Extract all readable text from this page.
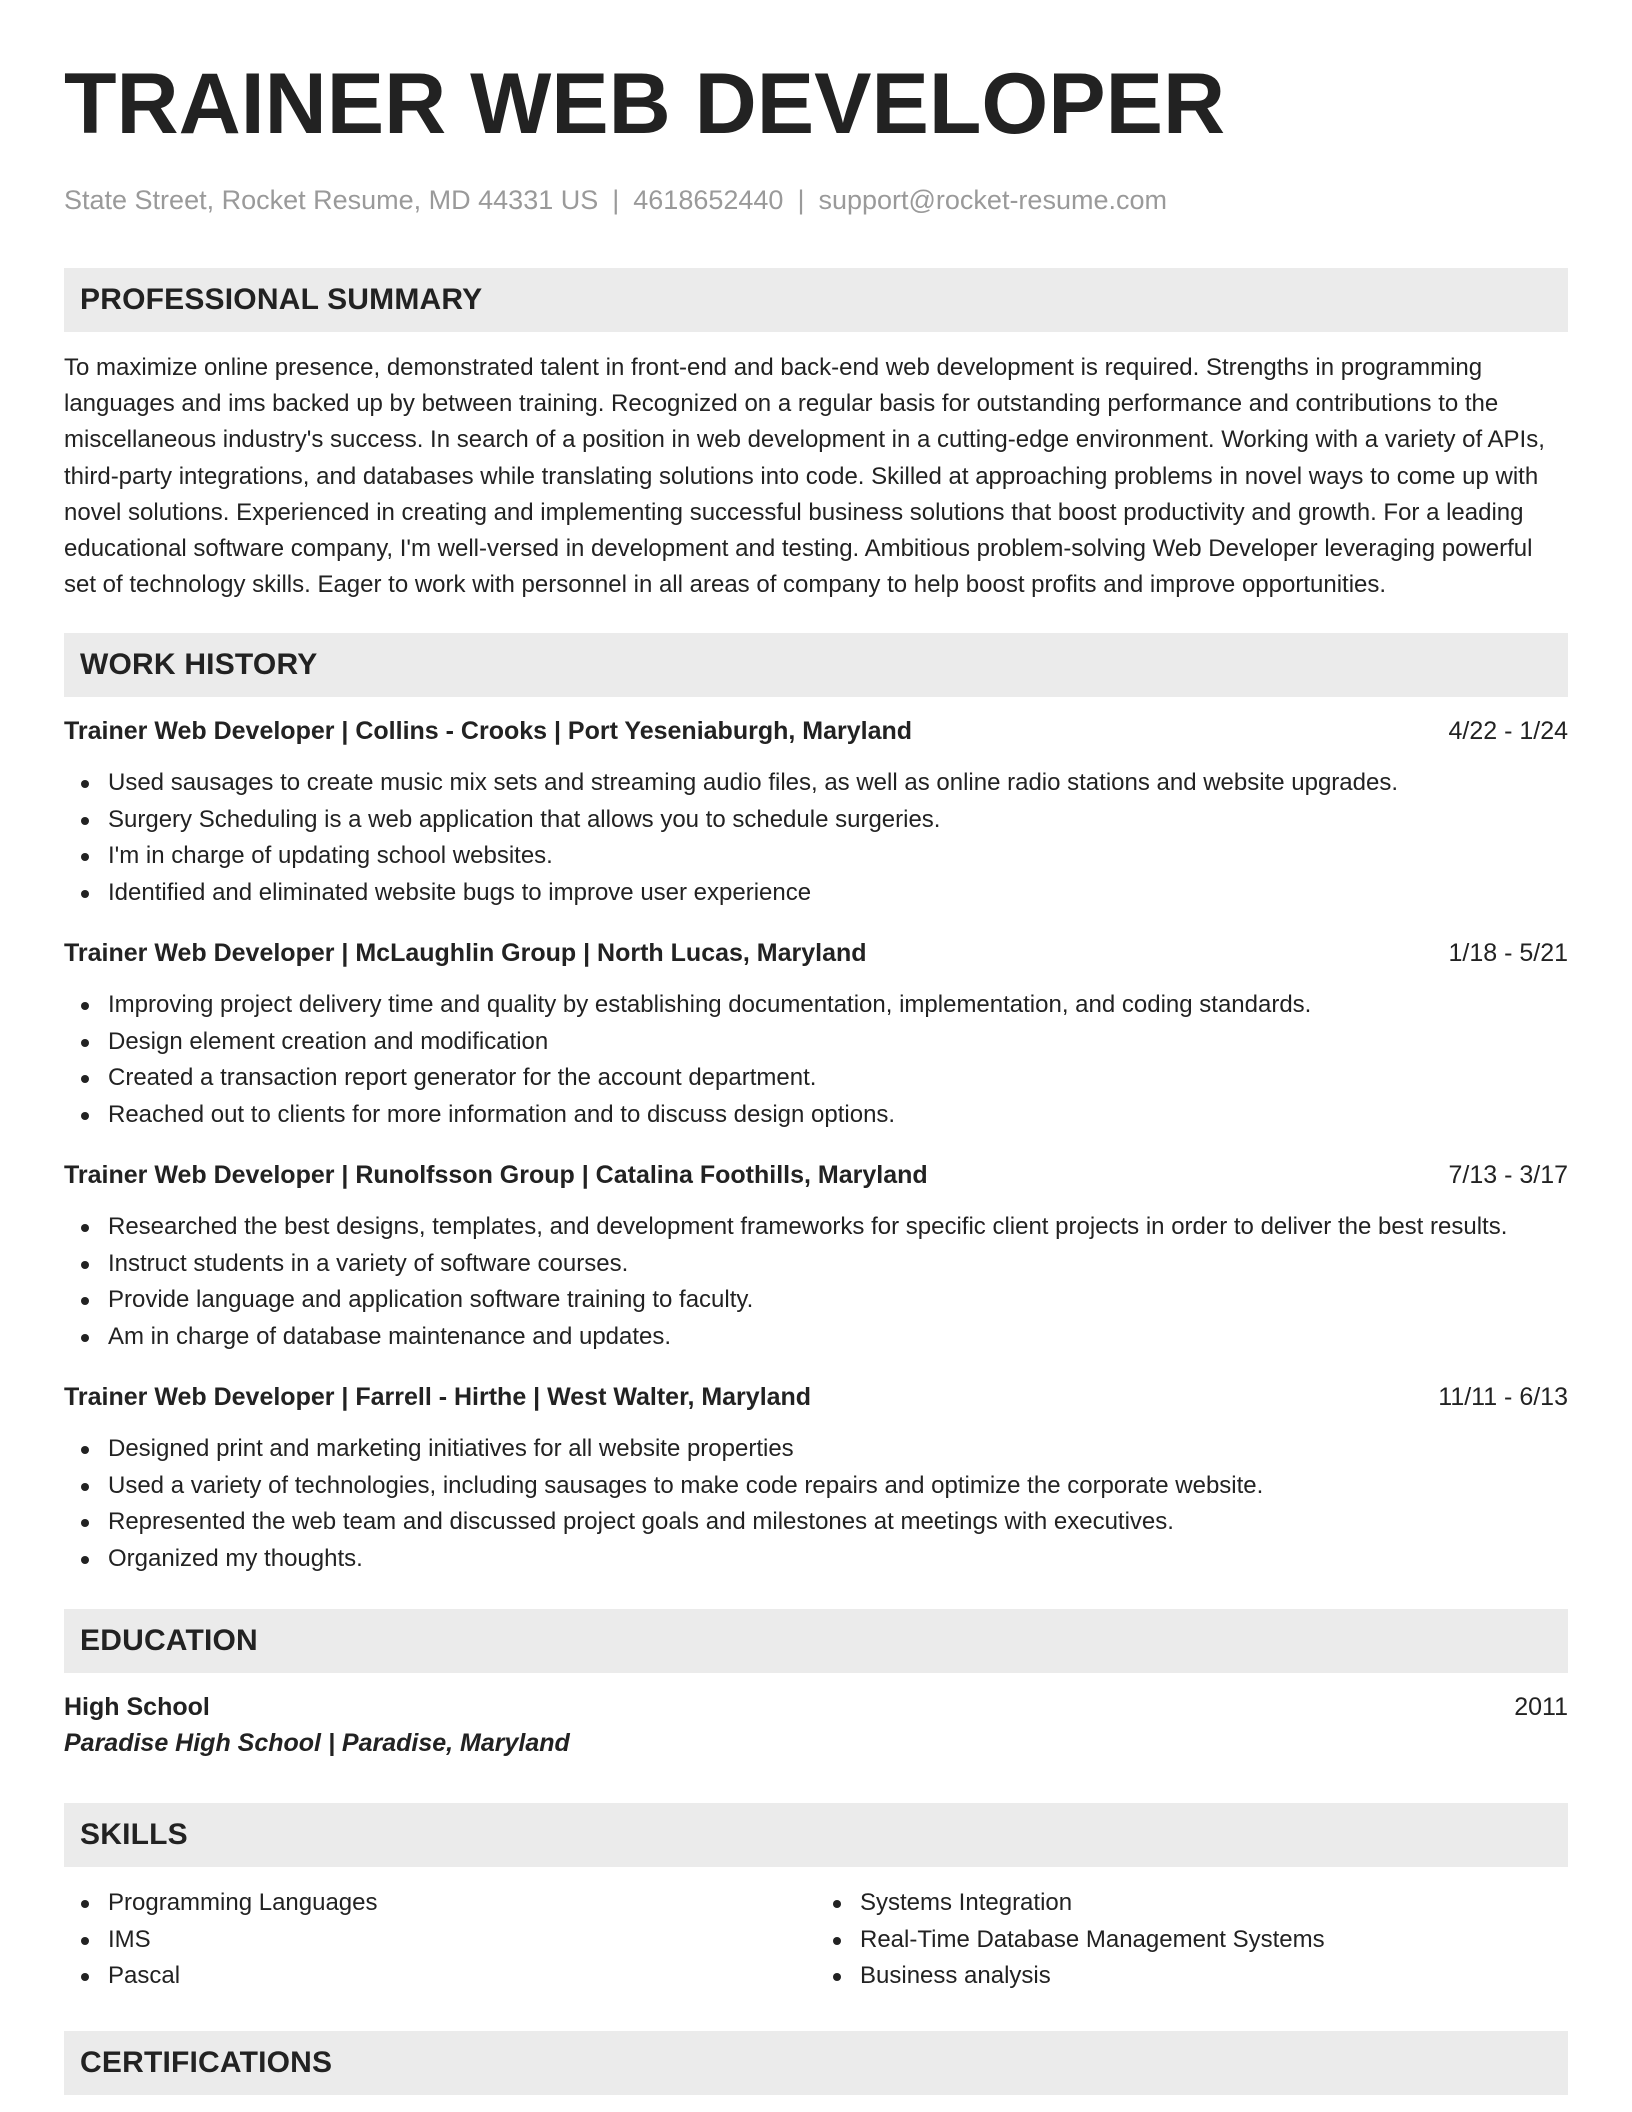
TRAINER WEB DEVELOPER
State Street, Rocket Resume, MD 44331 US | 4618652440 | support@rocket-resume.com
PROFESSIONAL SUMMARY

To maximize online presence, demonstrated talent in front-end and back-end web development is required. Strengths in programming languages and ims backed up by between training. Recognized on a regular basis for outstanding performance and contributions to the miscellaneous industry's success. In search of a position in web development in a cutting-edge environment. Working with a variety of APIs, third-party integrations, and databases while translating solutions into code. Skilled at approaching problems in novel ways to come up with novel solutions. Experienced in creating and implementing successful business solutions that boost productivity and growth. For a leading educational software company, I'm well-versed in development and testing. Ambitious problem-solving Web Developer leveraging powerful set of technology skills. Eager to work with personnel in all areas of company to help boost profits and improve opportunities.

WORK HISTORY
Trainer Web Developer | Collins - Crooks | Port Yeseniaburgh, Maryland	4/22 - 1/24
Used sausages to create music mix sets and streaming audio files, as well as online radio stations and website upgrades.
Surgery Scheduling is a web application that allows you to schedule surgeries.
I'm in charge of updating school websites.
Identified and eliminated website bugs to improve user experience
Trainer Web Developer | McLaughlin Group | North Lucas, Maryland	1/18 - 5/21
Improving project delivery time and quality by establishing documentation, implementation, and coding standards.
Design element creation and modification
Created a transaction report generator for the account department.
Reached out to clients for more information and to discuss design options.
Trainer Web Developer | Runolfsson Group | Catalina Foothills, Maryland	7/13 - 3/17
Researched the best designs, templates, and development frameworks for specific client projects in order to deliver the best results.
Instruct students in a variety of software courses.
Provide language and application software training to faculty.
Am in charge of database maintenance and updates.
Trainer Web Developer | Farrell - Hirthe | West Walter, Maryland	11/11 - 6/13
Designed print and marketing initiatives for all website properties
Used a variety of technologies, including sausages to make code repairs and optimize the corporate website.
Represented the web team and discussed project goals and milestones at meetings with executives.
Organized my thoughts.
EDUCATION
High School	2011
Paradise High School | Paradise, Maryland
SKILLS
Programming Languages
IMS
Pascal
Systems Integration
Real-Time Database Management Systems
Business analysis
CERTIFICATIONS
